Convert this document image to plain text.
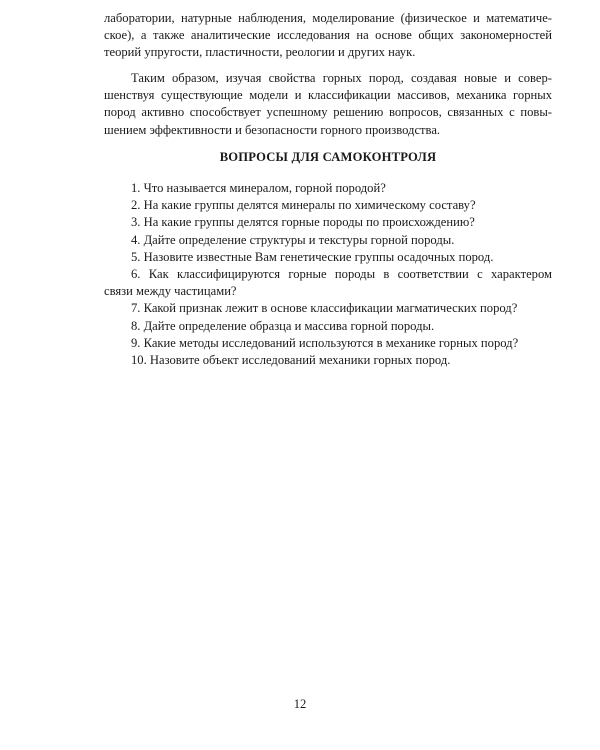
лаборатории, натурные наблюдения, моделирование (физическое и математиче-
ское), а также аналитические исследования на основе общих закономерностей
теорий упругости, пластичности, реологии и других наук.
Таким образом, изучая свойства горных пород, создавая новые и совер-
шенствуя существующие модели и классификации массивов, механика горных
пород активно способствует успешному решению вопросов, связанных с повы-
шением эффективности и безопасности горного производства.
ВОПРОСЫ ДЛЯ САМОКОНТРОЛЯ
1. Что называется минералом, горной породой?
2. На какие группы делятся минералы по химическому составу?
3. На какие группы делятся горные породы по происхождению?
4. Дайте определение структуры и текстуры горной породы.
5. Назовите известные Вам генетические группы осадочных пород.
6. Как классифицируются горные породы в соответствии с характером
связи между частицами?
7. Какой признак лежит в основе классификации магматических пород?
8. Дайте определение образца и массива горной породы.
9. Какие методы исследований используются в механике горных пород?
10. Назовите объект исследований механики горных пород.
12
